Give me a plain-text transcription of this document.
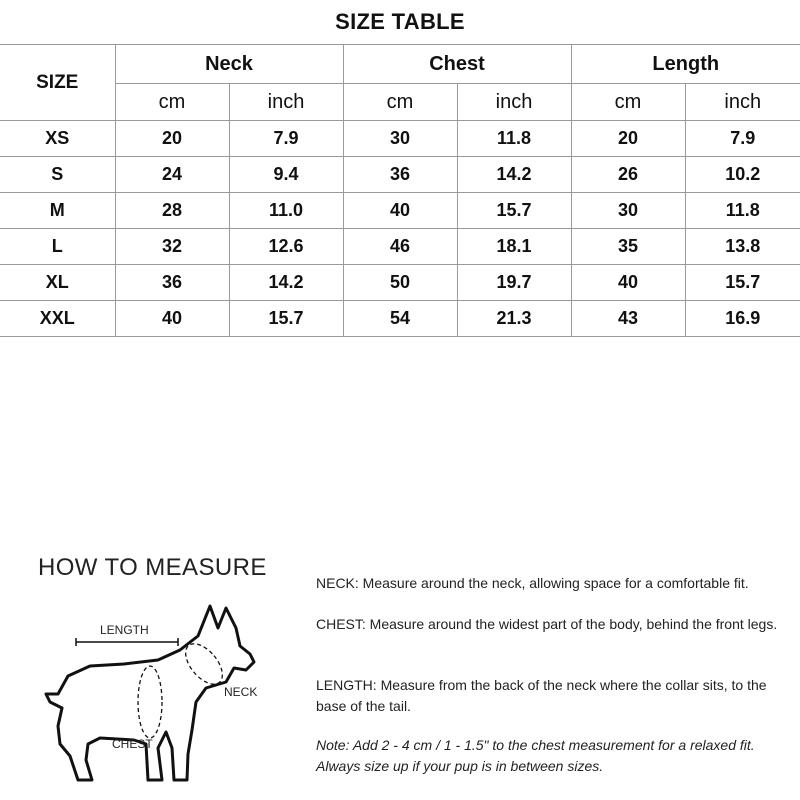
SIZE TABLE						
SIZE	Neck		Chest		Length	
	cm	inch	cm	inch	cm	inch
XS	20	7.9	30	11.8	20	7.9
S	24	9.4	36	14.2	26	10.2
M	28	11.0	40	15.7	30	11.8
L	32	12.6	46	18.1	35	13.8
XL	36	14.2	50	19.7	40	15.7
XXL	40	15.7	54	21.3	43	16.9
HOW TO MEASURE
LENGTH
NECK
CHEST
NECK: Measure around the neck, allowing space for a comfortable fit.
CHEST: Measure around the widest part of the body, behind the front legs.
LENGTH: Measure from the back of the neck where the collar sits, to the base of the tail.
Note: Add 2 - 4 cm / 1 - 1.5" to the chest measurement for a relaxed fit. Always size up if your pup is in between sizes.
